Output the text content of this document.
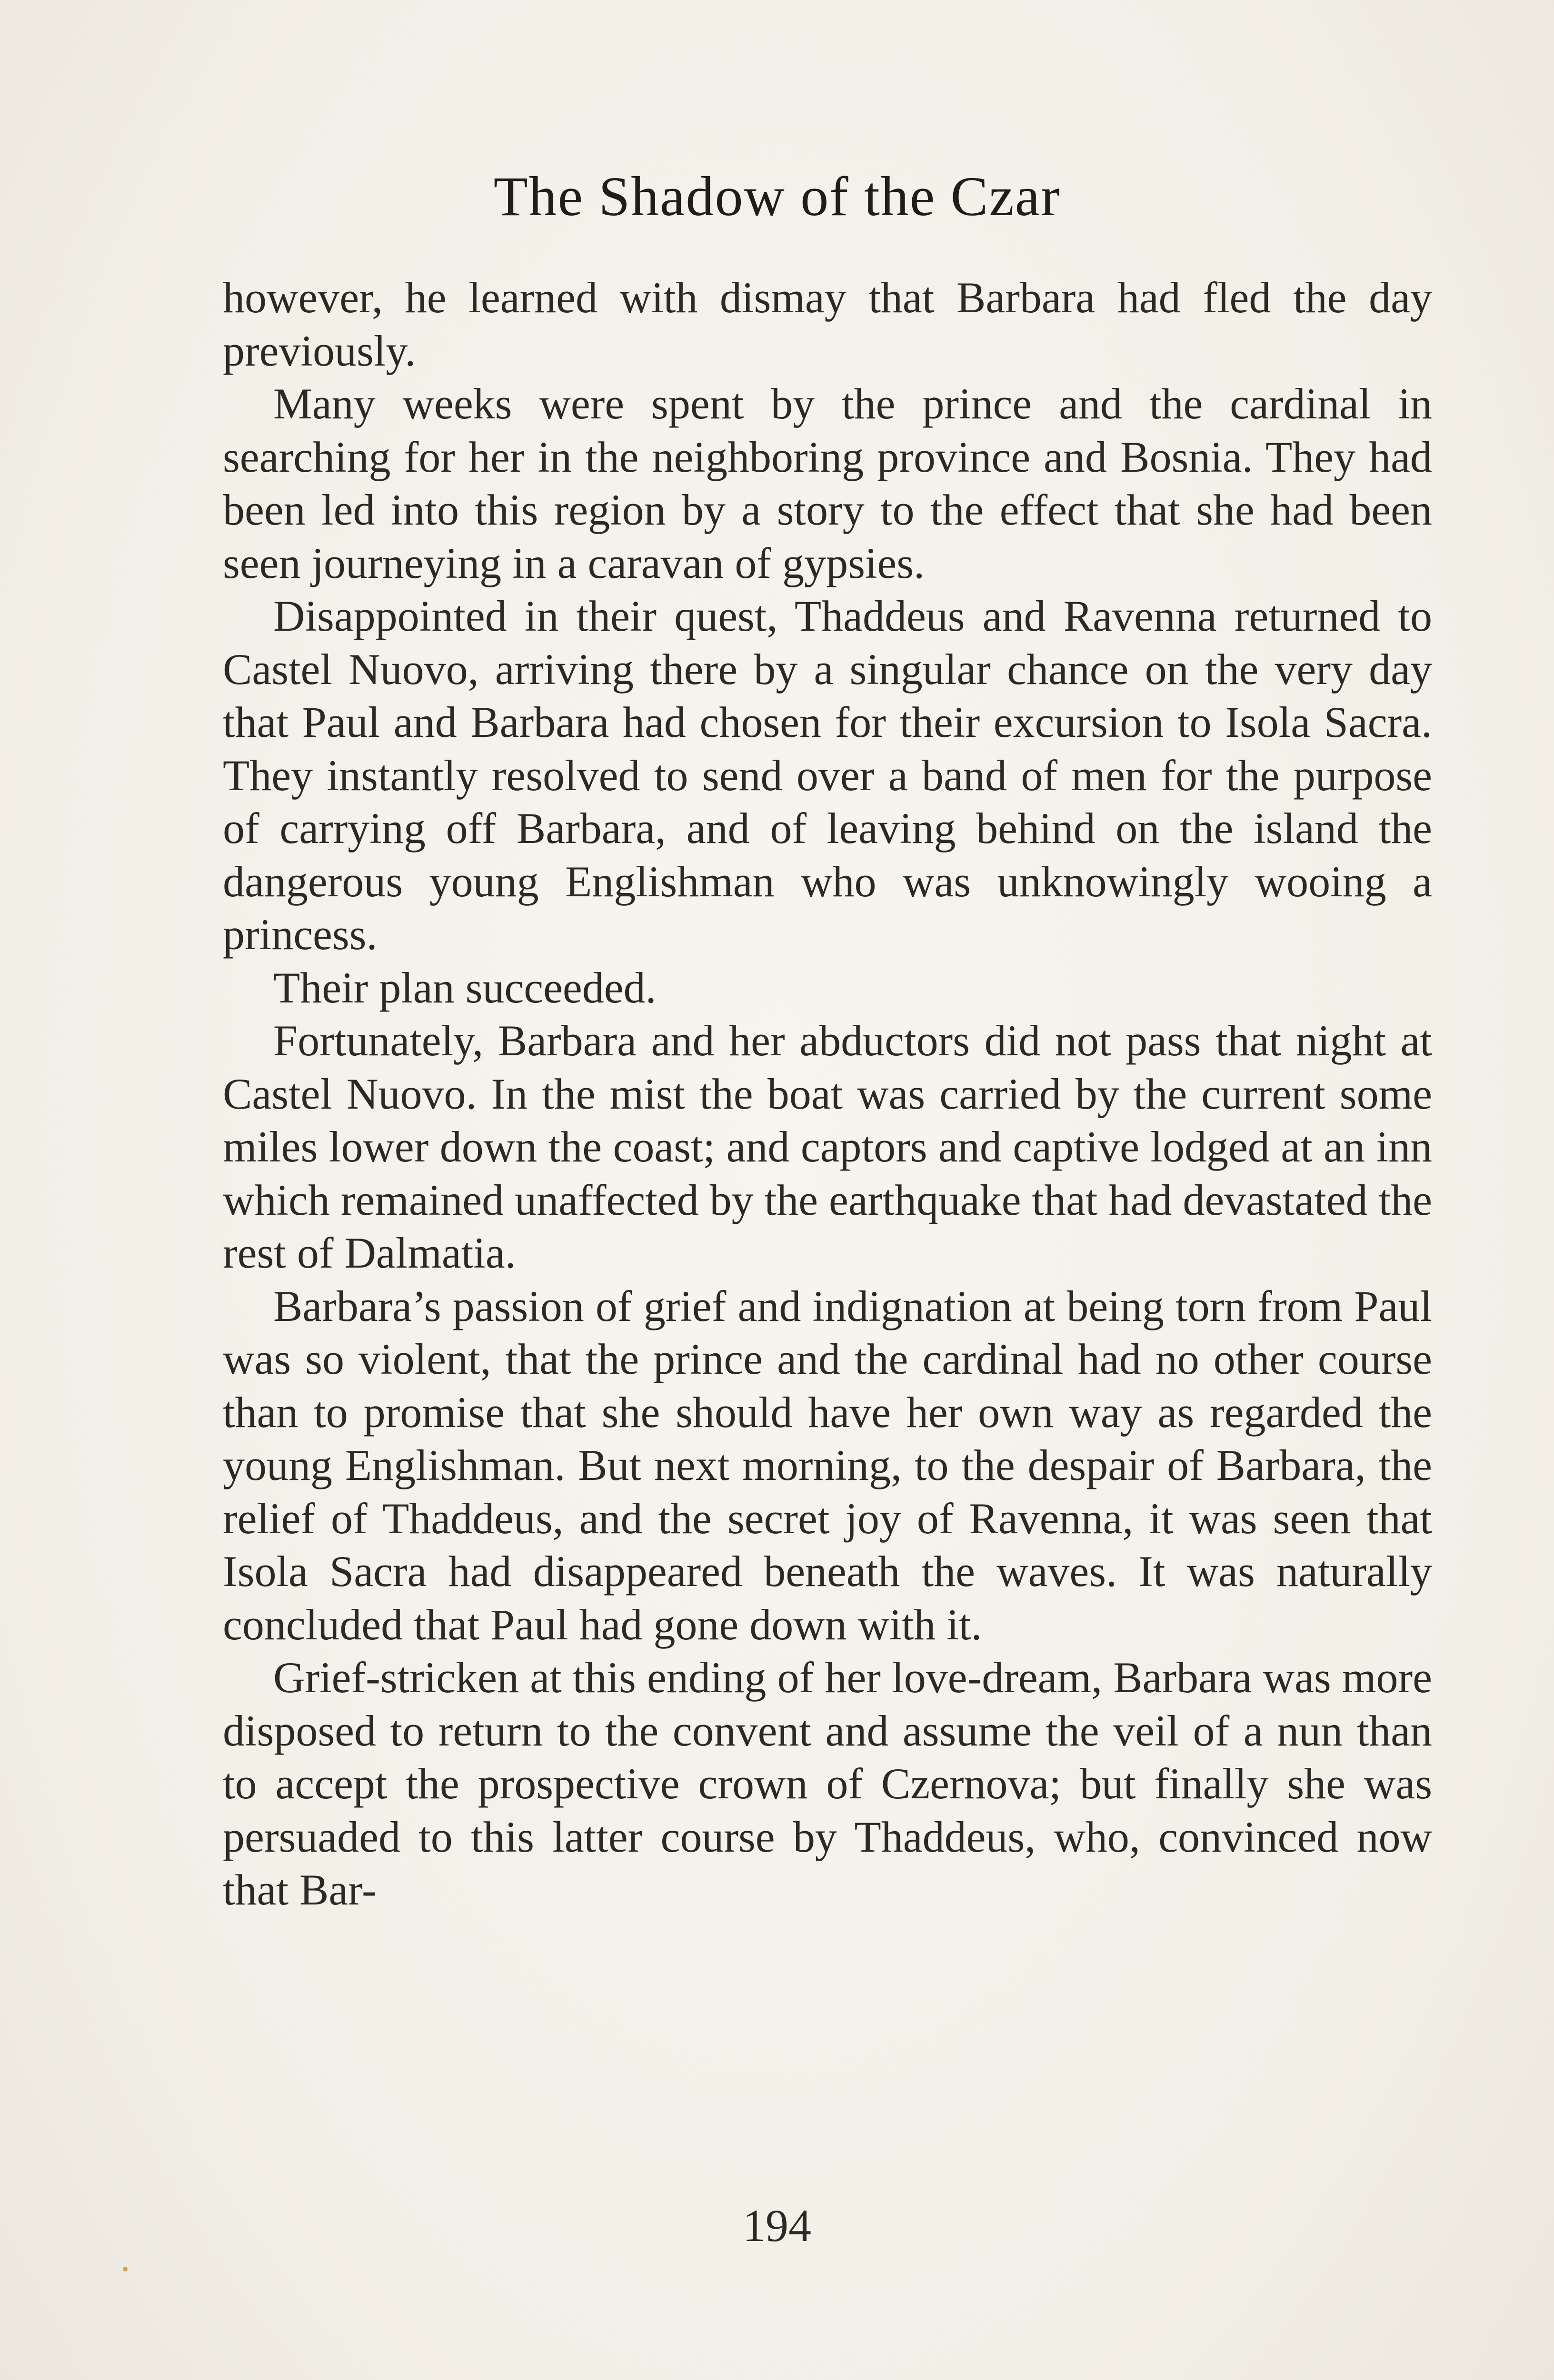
The Shadow of the Czar

however, he learned with dismay that Barbara had fled the day previously.

Many weeks were spent by the prince and the cardinal in searching for her in the neighboring province and Bosnia. They had been led into this region by a story to the effect that she had been seen journeying in a caravan of gypsies.

Disappointed in their quest, Thaddeus and Ravenna returned to Castel Nuovo, arriving there by a singular chance on the very day that Paul and Barbara had chosen for their excursion to Isola Sacra. They instantly resolved to send over a band of men for the purpose of carrying off Barbara, and of leaving behind on the island the dangerous young Englishman who was unknowingly wooing a princess.

Their plan succeeded.

Fortunately, Barbara and her abductors did not pass that night at Castel Nuovo. In the mist the boat was carried by the current some miles lower down the coast; and captors and captive lodged at an inn which remained unaffected by the earthquake that had devastated the rest of Dalmatia.

Barbara’s passion of grief and indignation at being torn from Paul was so violent, that the prince and the cardinal had no other course than to promise that she should have her own way as regarded the young Englishman. But next morning, to the despair of Barbara, the relief of Thaddeus, and the secret joy of Ravenna, it was seen that Isola Sacra had disappeared beneath the waves. It was naturally concluded that Paul had gone down with it.

Grief-stricken at this ending of her love-dream, Barbara was more disposed to return to the convent and assume the veil of a nun than to accept the prospective crown of Czernova; but finally she was persuaded to this latter course by Thaddeus, who, convinced now that Bar-

194
